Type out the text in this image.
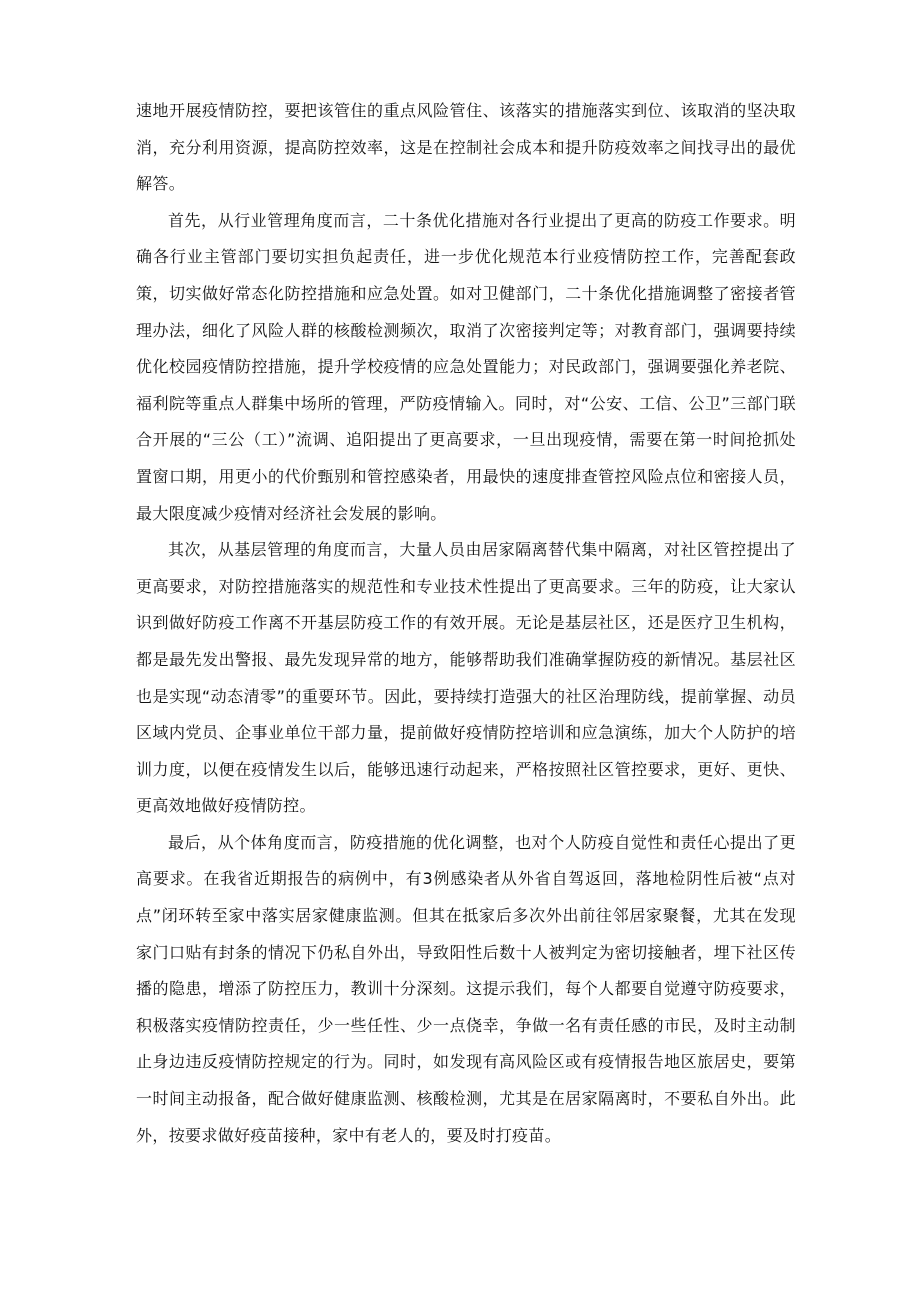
速地开展疫情防控，要把该管住的重点风险管住、该落实的措施落实到位、该取消的坚决取消，充分利用资源，提高防控效率，这是在控制社会成本和提升防疫效率之间找寻出的最优解答。

首先，从行业管理角度而言，二十条优化措施对各行业提出了更高的防疫工作要求。明确各行业主管部门要切实担负起责任，进一步优化规范本行业疫情防控工作，完善配套政策，切实做好常态化防控措施和应急处置。如对卫健部门，二十条优化措施调整了密接者管理办法，细化了风险人群的核酸检测频次，取消了次密接判定等；对教育部门，强调要持续优化校园疫情防控措施，提升学校疫情的应急处置能力；对民政部门，强调要强化养老院、福利院等重点人群集中场所的管理，严防疫情输入。同时，对“公安、工信、公卫”三部门联合开展的“三公（工）”流调、追阳提出了更高要求，一旦出现疫情，需要在第一时间抢抓处置窗口期，用更小的代价甄别和管控感染者，用最快的速度排查管控风险点位和密接人员，最大限度减少疫情对经济社会发展的影响。

其次，从基层管理的角度而言，大量人员由居家隔离替代集中隔离，对社区管控提出了更高要求，对防控措施落实的规范性和专业技术性提出了更高要求。三年的防疫，让大家认识到做好防疫工作离不开基层防疫工作的有效开展。无论是基层社区，还是医疗卫生机构，都是最先发出警报、最先发现异常的地方，能够帮助我们准确掌握防疫的新情况。基层社区也是实现“动态清零”的重要环节。因此，要持续打造强大的社区治理防线，提前掌握、动员区域内党员、企事业单位干部力量，提前做好疫情防控培训和应急演练，加大个人防护的培训力度，以便在疫情发生以后，能够迅速行动起来，严格按照社区管控要求，更好、更快、更高效地做好疫情防控。

最后，从个体角度而言，防疫措施的优化调整，也对个人防疫自觉性和责任心提出了更高要求。在我省近期报告的病例中，有3例感染者从外省自驾返回，落地检阴性后被“点对点”闭环转至家中落实居家健康监测。但其在抵家后多次外出前往邻居家聚餐，尤其在发现家门口贴有封条的情况下仍私自外出，导致阳性后数十人被判定为密切接触者，埋下社区传播的隐患，增添了防控压力，教训十分深刻。这提示我们，每个人都要自觉遵守防疫要求，积极落实疫情防控责任，少一些任性、少一点侥幸，争做一名有责任感的市民，及时主动制止身边违反疫情防控规定的行为。同时，如发现有高风险区或有疫情报告地区旅居史，要第一时间主动报备，配合做好健康监测、核酸检测，尤其是在居家隔离时，不要私自外出。此外，按要求做好疫苗接种，家中有老人的，要及时打疫苗。
